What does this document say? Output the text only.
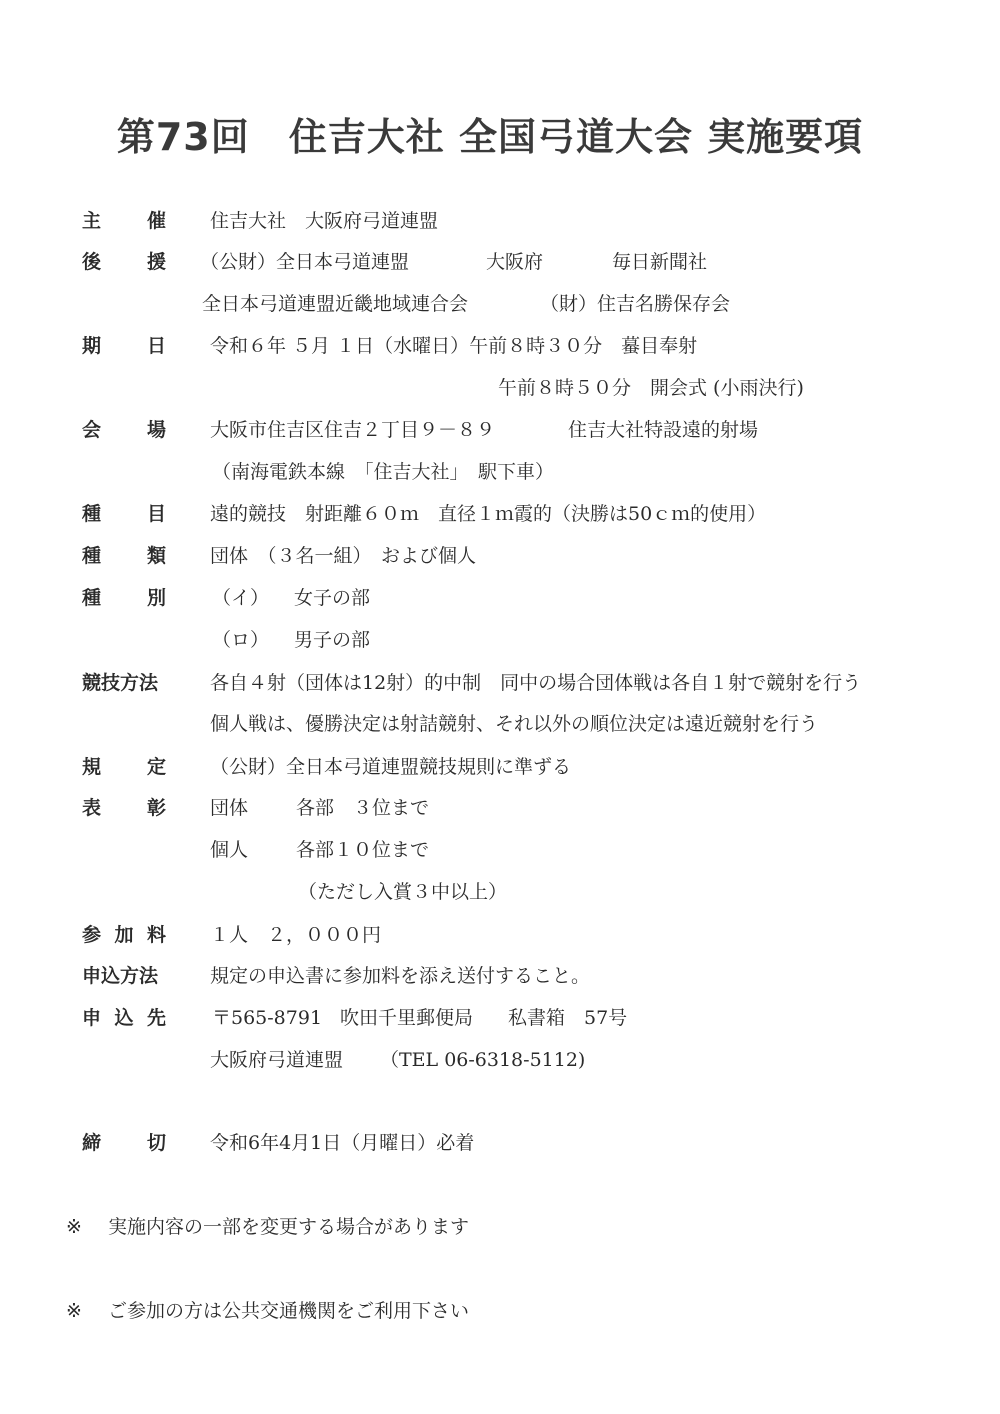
第73回　住吉大社 全国弓道大会 実施要項
主 催 住吉大社　大阪府弓道連盟
後 援 （公財）全日本弓道連盟	大阪府	毎日新聞社
全日本弓道連盟近畿地域連合会	（財）住吉名勝保存会
期 日 令和６年 ５月 １日（水曜日）午前８時３０分　蟇目奉射
午前８時５０分　開会式 (小雨決行)
会 場 大阪市住吉区住吉２丁目９－８９	住吉大社特設遠的射場
（南海電鉄本線　「住吉大社」　駅下車）
種 目 遠的競技　射距離６０ｍ　直径１ｍ霞的（決勝は50ｃｍ的使用）
種 類 団体　（３名一組）　および個人
種 別 （イ） 女子の部
（ロ） 男子の部
競技方法	各自４射（団体は12射）的中制　同中の場合団体戦は各自１射で競射を行う
個人戦は、優勝決定は射詰競射、それ以外の順位決定は遠近競射を行う
規 定 （公財）全日本弓道連盟競技規則に準ずる
表 彰 団体	各部　３位まで
個人	各部１０位まで
（ただし入賞３中以上）
参 加 料 １人　２，０００円
申込方法	規定の申込書に参加料を添え送付すること。
申 込 先 〒565-8791 吹田千里郵便局 私書箱　57号
大阪府弓道連盟 （TEL 06-6318-5112)
締 切 令和6年4月1日（月曜日）必着
※ 実施内容の一部を変更する場合があります
※ ご参加の方は公共交通機関をご利用下さい
